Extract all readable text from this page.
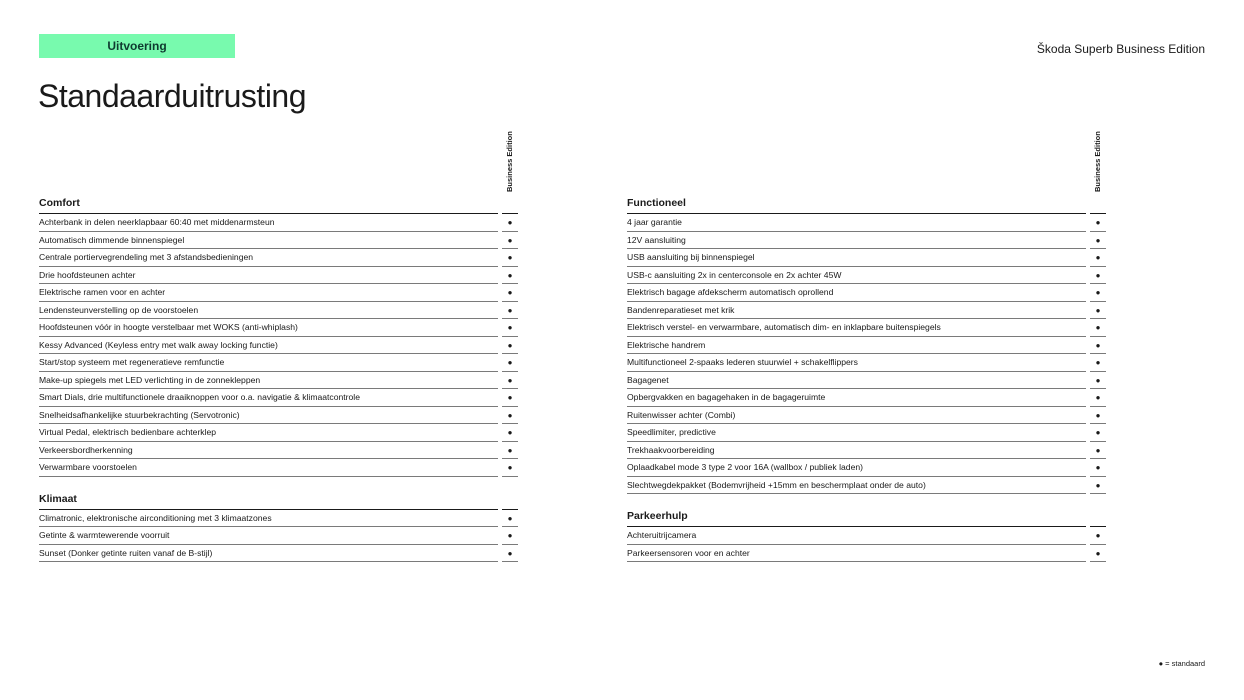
Uitvoering	Škoda Superb Business Edition
Standaarduitrusting
Business Edition	Business Edition
Comfort
Achterbank in delen neerklapbaar 60:40 met middenarmsteun	●
Automatisch dimmende binnenspiegel	●
Centrale portiervegrendeling met 3 afstandsbedieningen	●
Drie hoofdsteunen achter	●
Elektrische ramen voor en achter	●
Lendensteunverstelling op de voorstoelen	●
Hoofdsteunen vóór in hoogte verstelbaar met WOKS (anti-whiplash)	●
Kessy Advanced (Keyless entry met walk away locking functie)	●
Start/stop systeem met regeneratieve remfunctie	●
Make-up spiegels met LED verlichting in de zonnekleppen	●
Smart Dials, drie multifunctionele draaiknoppen voor o.a. navigatie & klimaatcontrole	●
Snelheidsafhankelijke stuurbekrachting (Servotronic)	●
Virtual Pedal, elektrisch bedienbare achterklep	●
Verkeersbordherkenning	●
Verwarmbare voorstoelen	●
Klimaat
Climatronic, elektronische airconditioning met 3 klimaatzones	●
Getinte & warmtewerende voorruit	●
Sunset (Donker getinte ruiten vanaf de B-stijl)	●
Functioneel
4 jaar garantie	●
12V aansluiting	●
USB aansluiting bij binnenspiegel	●
USB-c aansluiting 2x in centerconsole en 2x achter 45W	●
Elektrisch bagage afdekscherm automatisch oprollend	●
Bandenreparatieset met krik	●
Elektrisch verstel- en verwarmbare, automatisch dim- en inklapbare buitenspiegels	●
Elektrische handrem	●
Multifunctioneel 2-spaaks lederen stuurwiel + schakelflippers	●
Bagagenet	●
Opbergvakken en bagagehaken in de bagageruimte	●
Ruitenwisser achter (Combi)	●
Speedlimiter, predictive	●
Trekhaakvoorbereiding	●
Oplaadkabel mode 3 type 2 voor 16A (wallbox / publiek laden)	●
Slechtwegdekpakket (Bodemvrijheid +15mm en beschermplaat onder de auto)	●
Parkeerhulp
Achteruitrijcamera	●
Parkeersensoren voor en achter	●
● = standaard
